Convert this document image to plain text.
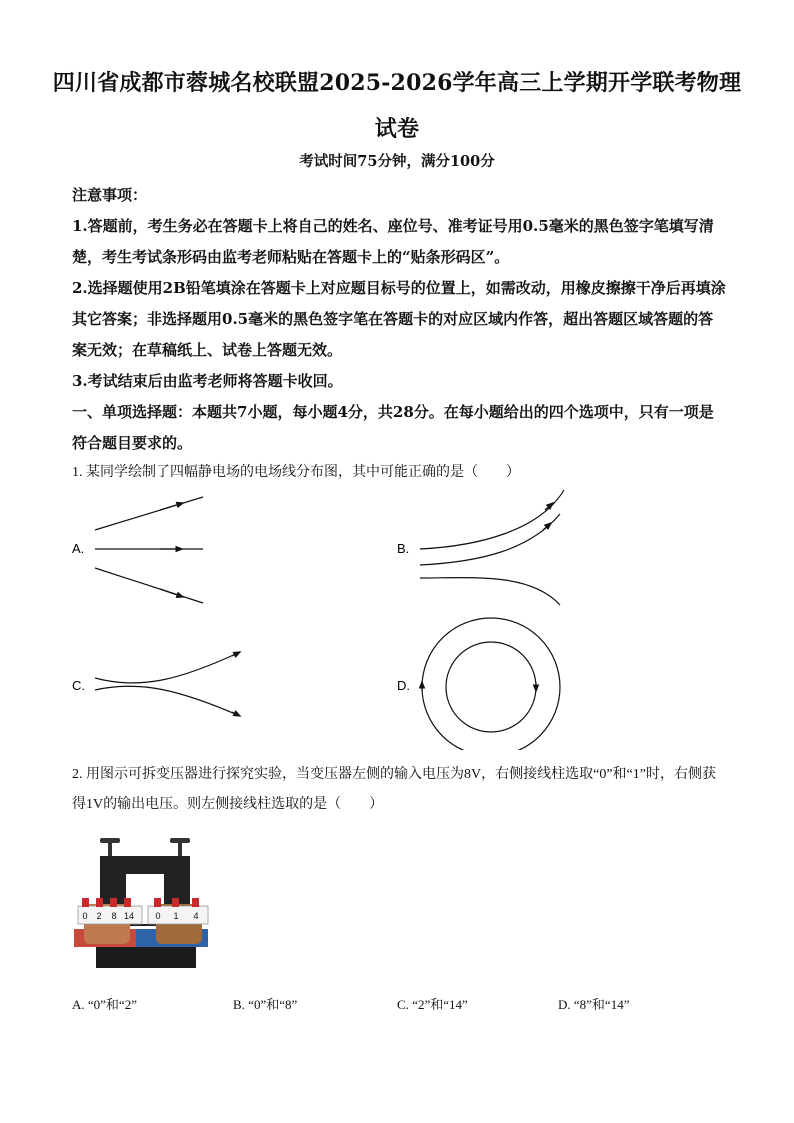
四川省成都市蓉城名校联盟2025-2026学年高三上学期开学联考物理
试卷
考试时间75分钟，满分100分
注意事项：
1.答题前，考生务必在答题卡上将自己的姓名、座位号、准考证号用0.5毫米的黑色签字笔填写清楚，考生考试条形码由监考老师粘贴在答题卡上的“贴条形码区”。
2.选择题使用2B铅笔填涂在答题卡上对应题目标号的位置上，如需改动，用橡皮擦擦干净后再填涂其它答案；非选择题用0.5毫米的黑色签字笔在答题卡的对应区域内作答，超出答题区域答题的答案无效；在草稿纸上、试卷上答题无效。
3.考试结束后由监考老师将答题卡收回。
一、单项选择题：本题共7小题，每小题4分，共28分。在每小题给出的四个选项中，只有一项是符合题目要求的。
1. 某同学绘制了四幅静电场的电场线分布图，其中可能正确的是（　　）
A.	B.
C.	D.
2. 用图示可拆变压器进行探究实验，当变压器左侧的输入电压为8V，右侧接线柱选取“0”和“1”时，右侧获得1V的输出电压。则左侧接线柱选取的是（　　）
0 2 8 14 0 1 4
A. “0”和“2”	B. “0”和“8”	C. “2”和“14”	D. “8”和“14”
